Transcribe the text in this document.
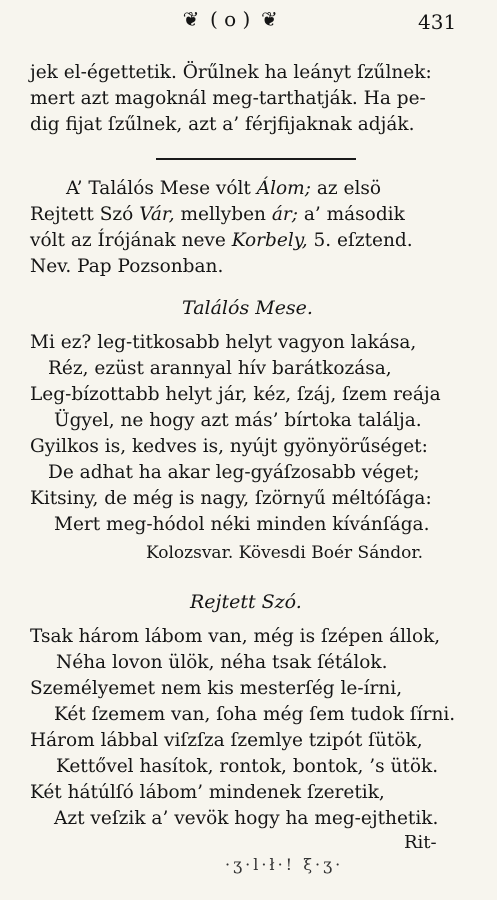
❦ ( o ) ❦	431
jek el-égettetik. Örűlnek ha leányt ſzűlnek:
mert azt magoknál meg-tarthatják. Ha pe-
dig fijat ſzűlnek, azt a’ férjfijaknak adják.
A’ Találós Mese vólt Álom; az elsö
Rejtett Szó Vár, mellyben ár; a’ második
vólt az Írójának neve Korbely, 5. eſztend.
Nev. Pap Pozsonban.
Találós Mese.
Mi ez? leg-titkosabb helyt vagyon lakása,
Réz, ezüst arannyal hív barátkozása,
Leg-bízottabb helyt jár, kéz, ſzáj, ſzem reája
Ügyel, ne hogy azt más’ bírtoka találja.
Gyilkos is, kedves is, nyújt gyönyörűséget:
De adhat ha akar leg-gyáſzosabb véget;
Kitsiny, de még is nagy, ſzörnyű méltóſága:
Mert meg-hódol néki minden kívánſága.
Kolozsvar. Kövesdi Boér Sándor.
Rejtett Szó.
Tsak három lábom van, még is ſzépen állok,
Néha lovon ülök, néha tsak ſétálok.
Személyemet nem kis mesterſég le-írni,
Két ſzemem van, ſoha még ſem tudok ſírni.
Három lábbal viſzſza ſzemlye tzipót ſütök,
Kettővel hasítok, rontok, bontok, ’s ütök.
Két hátúlſó lábom’ mindenek ſzeretik,
Azt veſzik a’ vevök hogy ha meg-ejthetik.
Rit-
·ʒ·l·ł·! ξ·ʒ·
